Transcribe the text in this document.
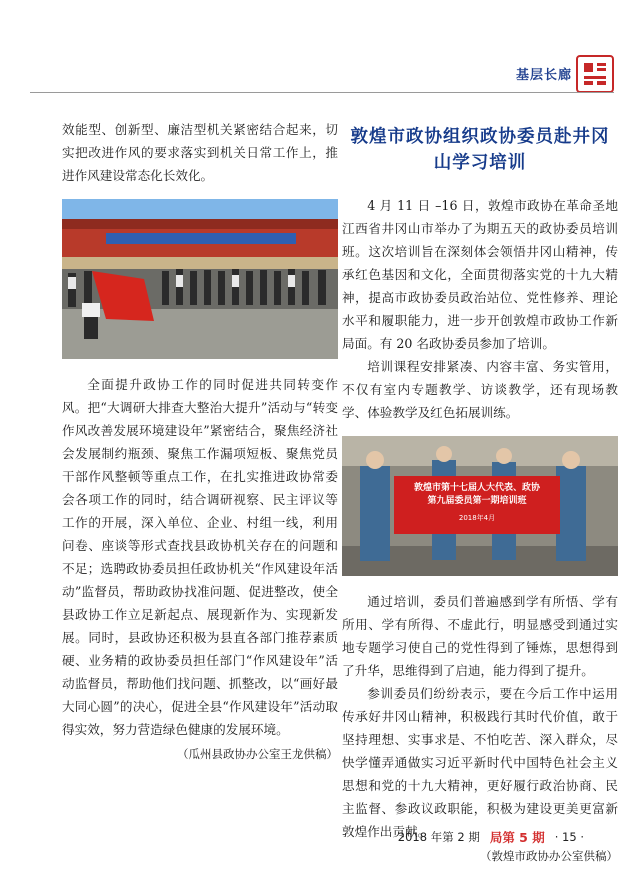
基层长廊

效能型、创新型、廉洁型机关紧密结合起来，切实把改进作风的要求落实到机关日常工作上，推进作风建设常态化长效化。

全面提升政协工作的同时促进共同转变作风。把“大调研大排查大整治大提升”活动与“转变作风改善发展环境建设年”紧密结合，聚焦经济社会发展制约瓶颈、聚焦工作漏项短板、聚焦党员干部作风整顿等重点工作，在扎实推进政协常委会各项工作的同时，结合调研视察、民主评议等工作的开展，深入单位、企业、村组一线，利用问卷、座谈等形式查找县政协机关存在的问题和不足；选聘政协委员担任政协机关“作风建设年活动”监督员，帮助政协找准问题、促进整改，使全县政协工作立足新起点、展现新作为、实现新发展。同时，县政协还积极为县直各部门推荐素质硬、业务精的政协委员担任部门“作风建设年”活动监督员，帮助他们找问题、抓整改，以“画好最大同心圆”的决心，促进全县“作风建设年”活动取得实效，努力营造绿色健康的发展环境。

（瓜州县政协办公室王龙供稿）
敦煌市政协组织政协委员赴井冈山学习培训

4 月 11 日 –16 日，敦煌市政协在革命圣地江西省井冈山市举办了为期五天的政协委员培训班。这次培训旨在深刻体会领悟井冈山精神，传承红色基因和文化，全面贯彻落实党的十九大精神，提高市政协委员政治站位、党性修养、理论水平和履职能力，进一步开创敦煌市政协工作新局面。有 20 名政协委员参加了培训。

培训课程安排紧凑、内容丰富、务实管用，不仅有室内专题教学、访谈教学，还有现场教学、体验教学及红色拓展训练。

敦煌市第十七届人大代表、政协
第九届委员第一期培训班
2018年4月

通过培训，委员们普遍感到学有所悟、学有所用、学有所得、不虚此行，明显感受到通过实地专题学习使自己的党性得到了锤炼，思想得到了升华，思维得到了启迪，能力得到了提升。

参训委员们纷纷表示，要在今后工作中运用传承好井冈山精神，积极践行其时代价值，敢于坚持理想、实事求是、不怕吃苦、深入群众，尽快学懂弄通做实习近平新时代中国特色社会主义思想和党的十九大精神，更好履行政治协商、民主监督、参政议政职能，积极为建设更美更富新敦煌作出贡献。

（敦煌市政协办公室供稿）
2018 年第 2 期 局第 5 期 · 15 ·
